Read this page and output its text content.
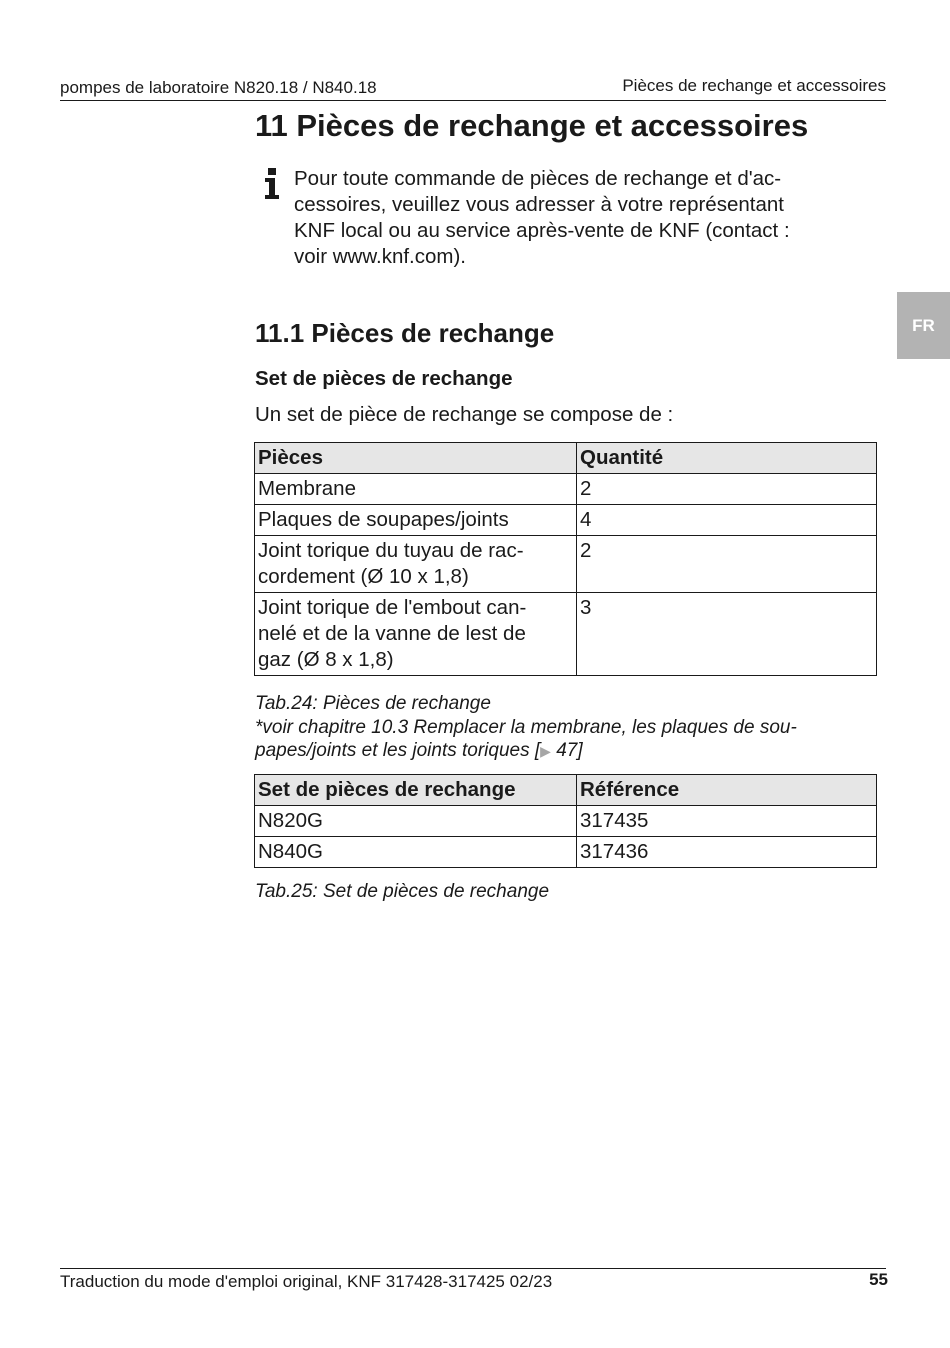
pompes de laboratoire N820.18 / N840.18	Pièces de rechange et accessoires
11 Pièces de rechange et accessoires
Pour toute commande de pièces de rechange et d'ac-
cessoires, veuillez vous adresser à votre représentant
KNF local ou au service après-vente de KNF (contact :
voir www.knf.com).
FR
11.1 Pièces de rechange
Set de pièces de rechange
Un set de pièce de rechange se compose de :
Pièces	Quantité

Membrane	2

Plaques de soupapes/joints	4

Joint torique du tuyau de rac-
cordement (Ø 10 x 1,8)	2

Joint torique de l'embout can-
nelé et de la vanne de lest de
gaz (Ø 8 x 1,8)	3
Tab.24: Pièces de rechange
*voir chapitre 10.3 Remplacer la membrane, les plaques de sou-
papes/joints et les joints toriques [▶ 47]
Set de pièces de rechange	Référence
N820G	317435
N840G	317436
Tab.25: Set de pièces de rechange
Traduction du mode d'emploi original, KNF 317428-317425 02/23	55
